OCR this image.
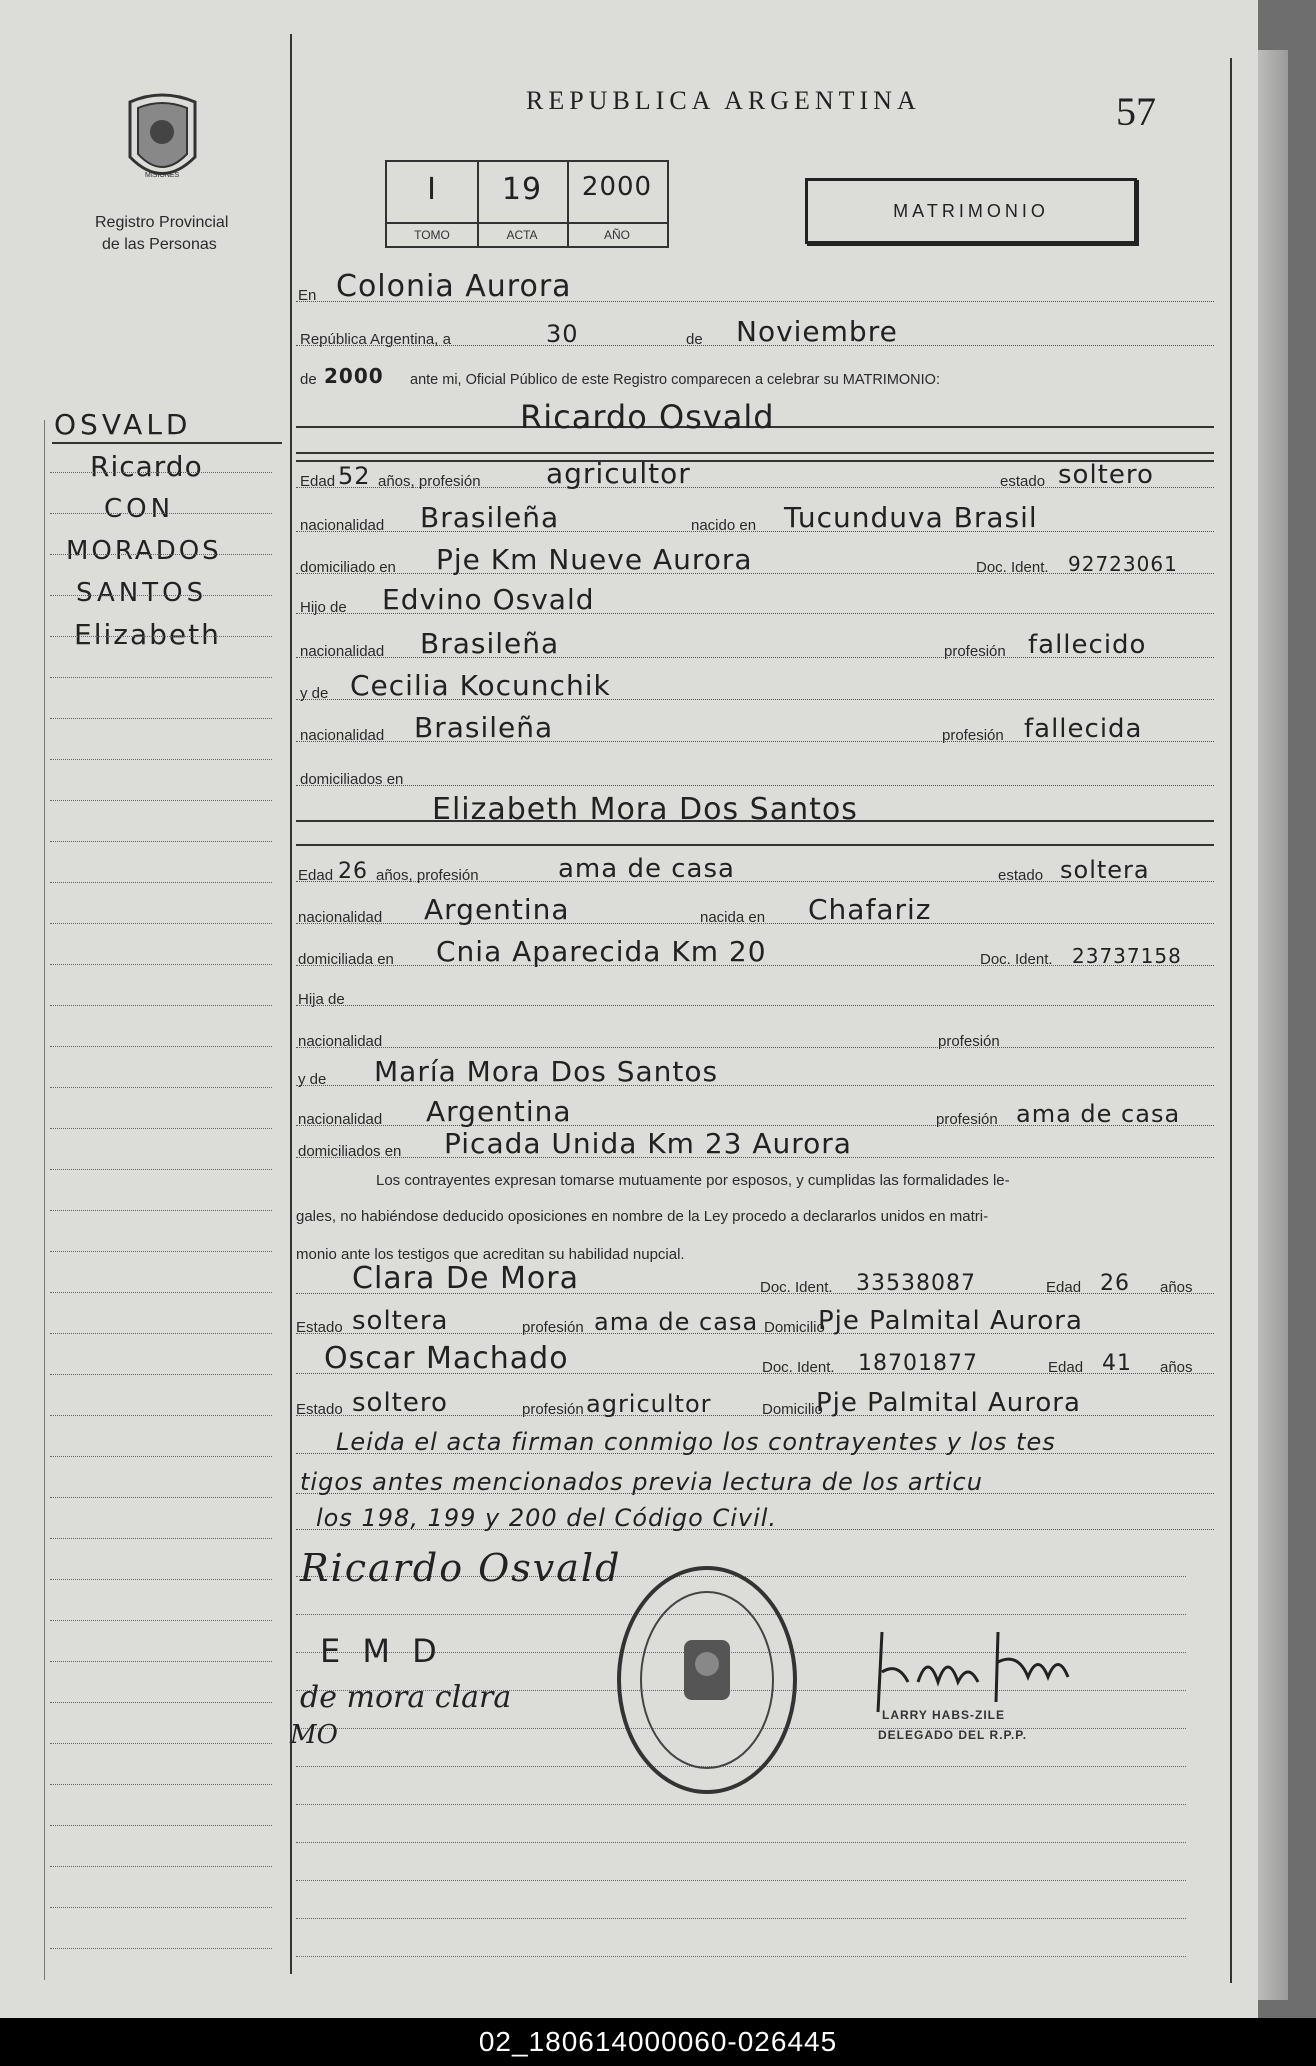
MISIONES
Registro Provincial
de las Personas
REPUBLICA ARGENTINA	57
I
TOMO
19
ACTA
2000
AÑO
MATRIMONIO
OSVALD
Ricardo
CON
MORADOS
SANTOS
Elizabeth
En Colonia Aurora
República Argentina, a	30	de Noviembre
de 2000 ante mi, Oficial Público de este Registro comparecen a celebrar su MATRIMONIO:
Ricardo Osvald
Edad 52 años, profesión agricultor	estado soltero
nacionalidad Brasileña	nacido en Tucunduva Brasil
domiciliado en Pje Km Nueve Aurora	Doc. Ident. 92723061
Hijo de Edvino Osvald
nacionalidad Brasileña	profesión fallecido
y de Cecilia Kocunchik
nacionalidad Brasileña	profesión fallecida
domiciliados en
Elizabeth Mora Dos Santos
Edad 26 años, profesión	ama de casa	estado soltera
nacionalidad Argentina	nacida en Chafariz
domiciliada en Cnia Aparecida Km 20	Doc. Ident. 23737158
Hija de
nacionalidad	profesión
y de María Mora Dos Santos
nacionalidad Argentina	profesión ama de casa
domiciliados en Picada Unida Km 23 Aurora
Los contrayentes expresan tomarse mutuamente por esposos, y cumplidas las formalidades le-
gales, no habiéndose deducido oposiciones en nombre de la Ley procedo a declararlos unidos en matri-
monio ante los testigos que acreditan su habilidad nupcial.
Clara De Mora	Doc. Ident. 33538087	Edad 26 años
Estado soltera	profesión ama de casa Domicilio
Pje Palmital Aurora
Oscar Machado	Doc. Ident. 18701877	Edad 41 años
Estado soltero	profesión agricultor	Domicilio
Pje Palmital Aurora
Leida el acta firman conmigo los contrayentes y los tes
tigos antes mencionados previa lectura de los articu
los 198, 199 y 200 del Código Civil.
Ricardo Osvald
E M D
de mora clara
MO
LARRY HABS-ZILE
DELEGADO DEL R.P.P.
02_180614000060-026445
